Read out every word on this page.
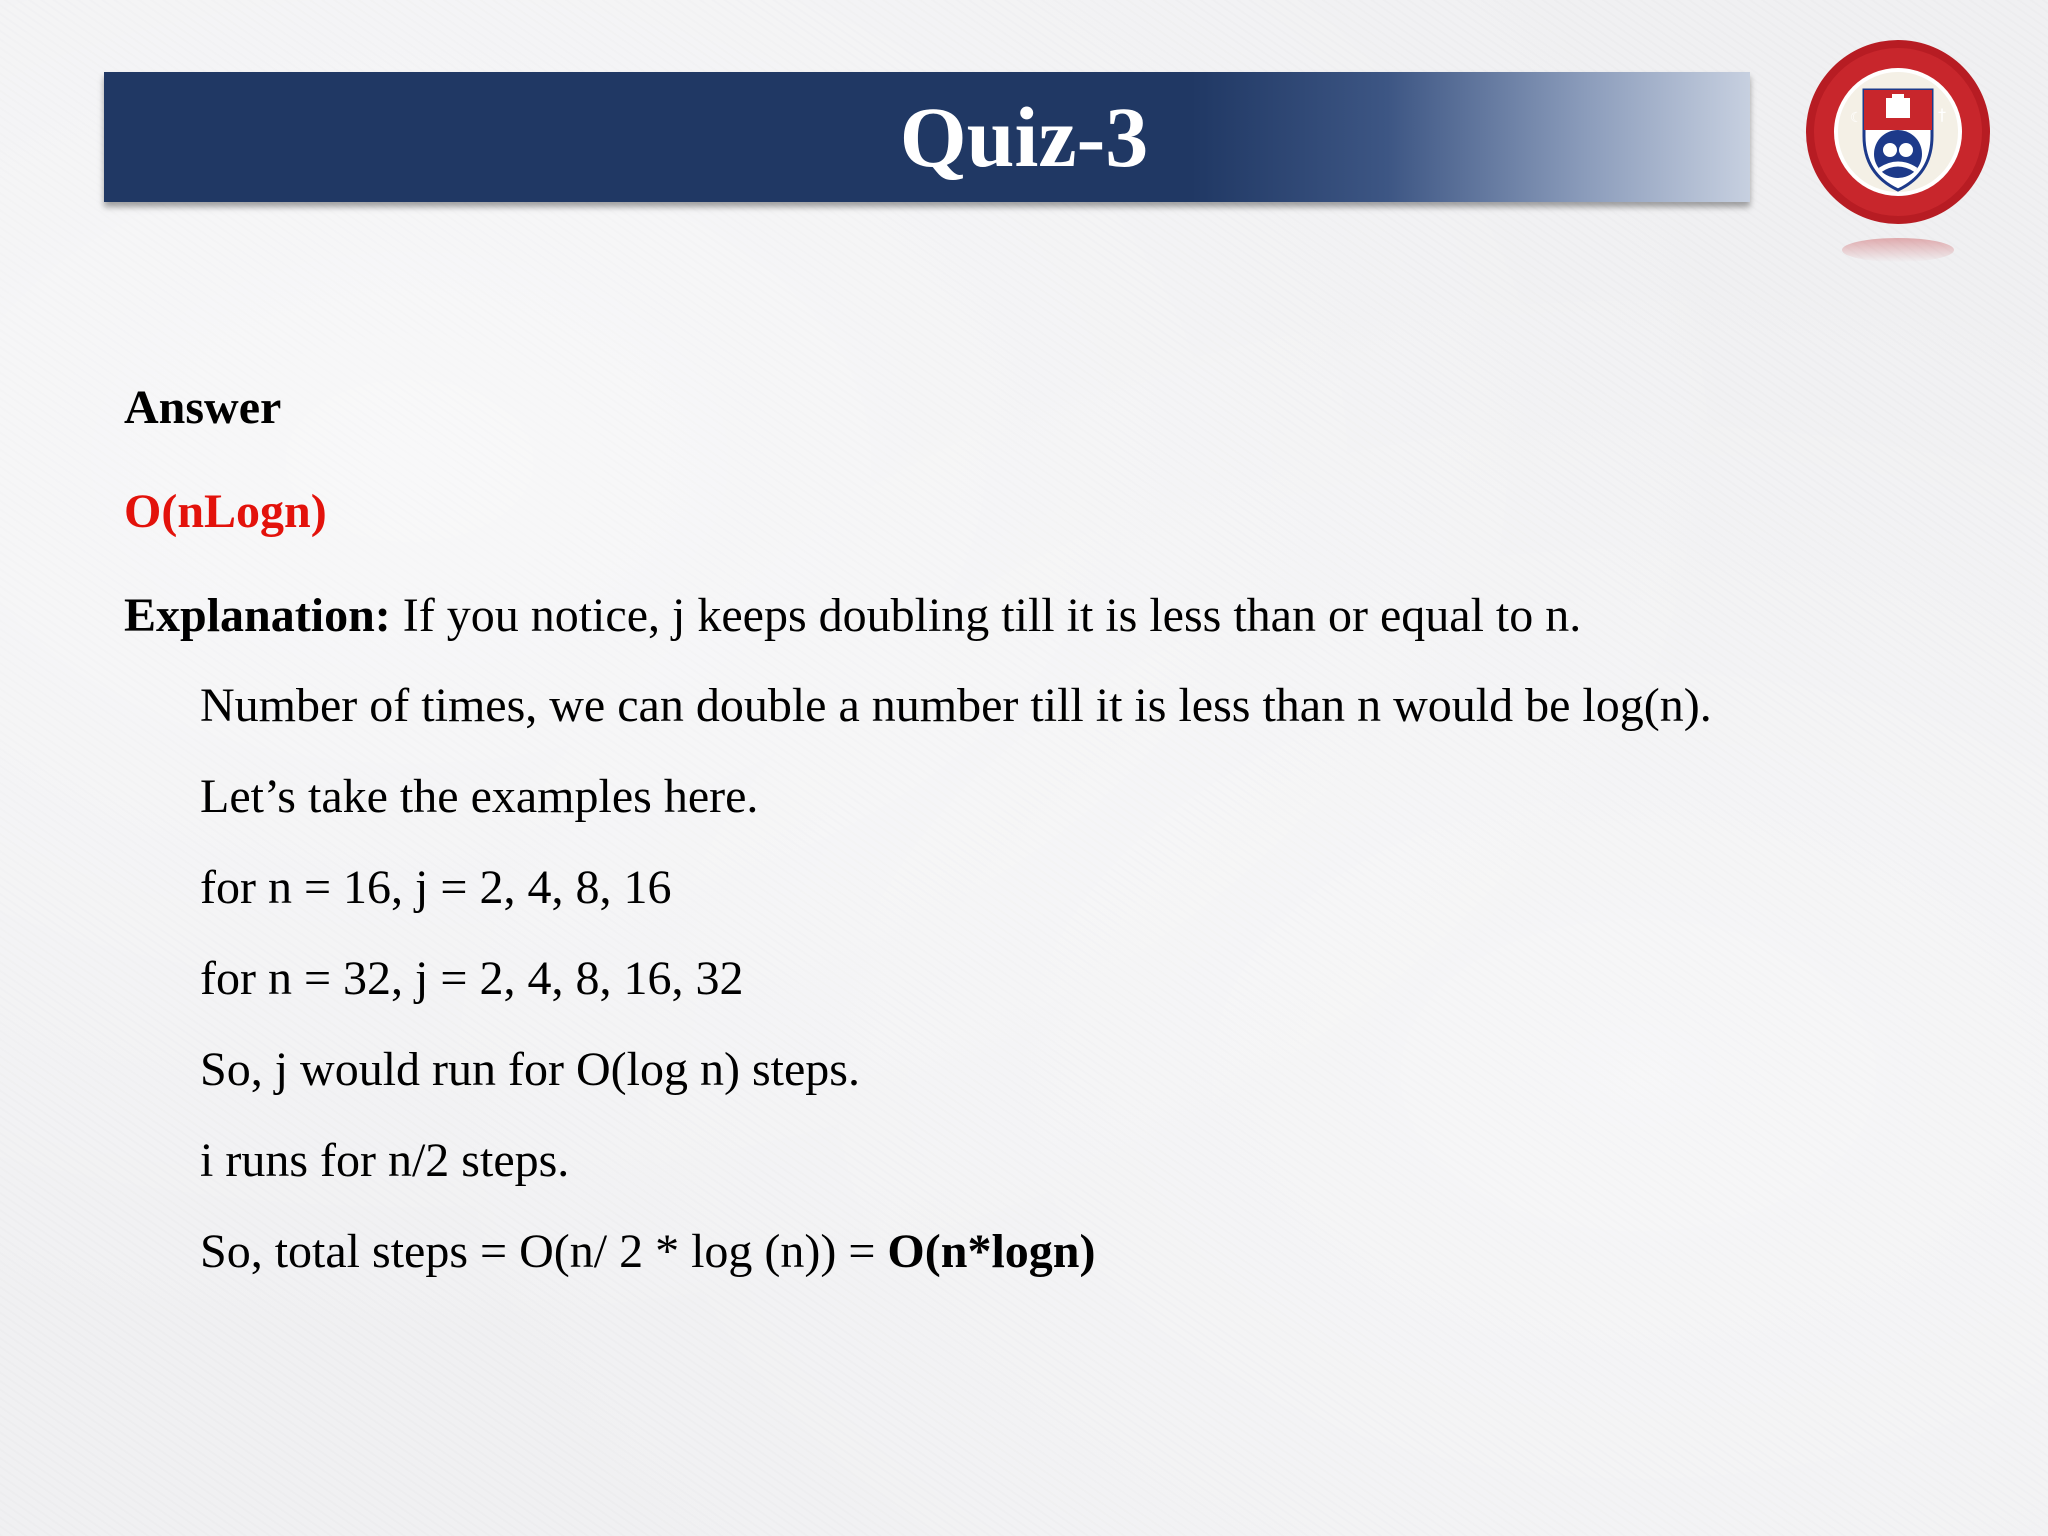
Quiz-3	☾	†
Answer
O(nLogn)
Explanation: If you notice, j keeps doubling till it is less than or equal to n.
Number of times, we can double a number till it is less than n would be log(n).
Let’s take the examples here.
for n = 16, j = 2, 4, 8, 16
for n = 32, j = 2, 4, 8, 16, 32
So, j would run for O(log n) steps.
i runs for n/2 steps.
So, total steps = O(n/ 2 * log (n)) = O(n*logn)
